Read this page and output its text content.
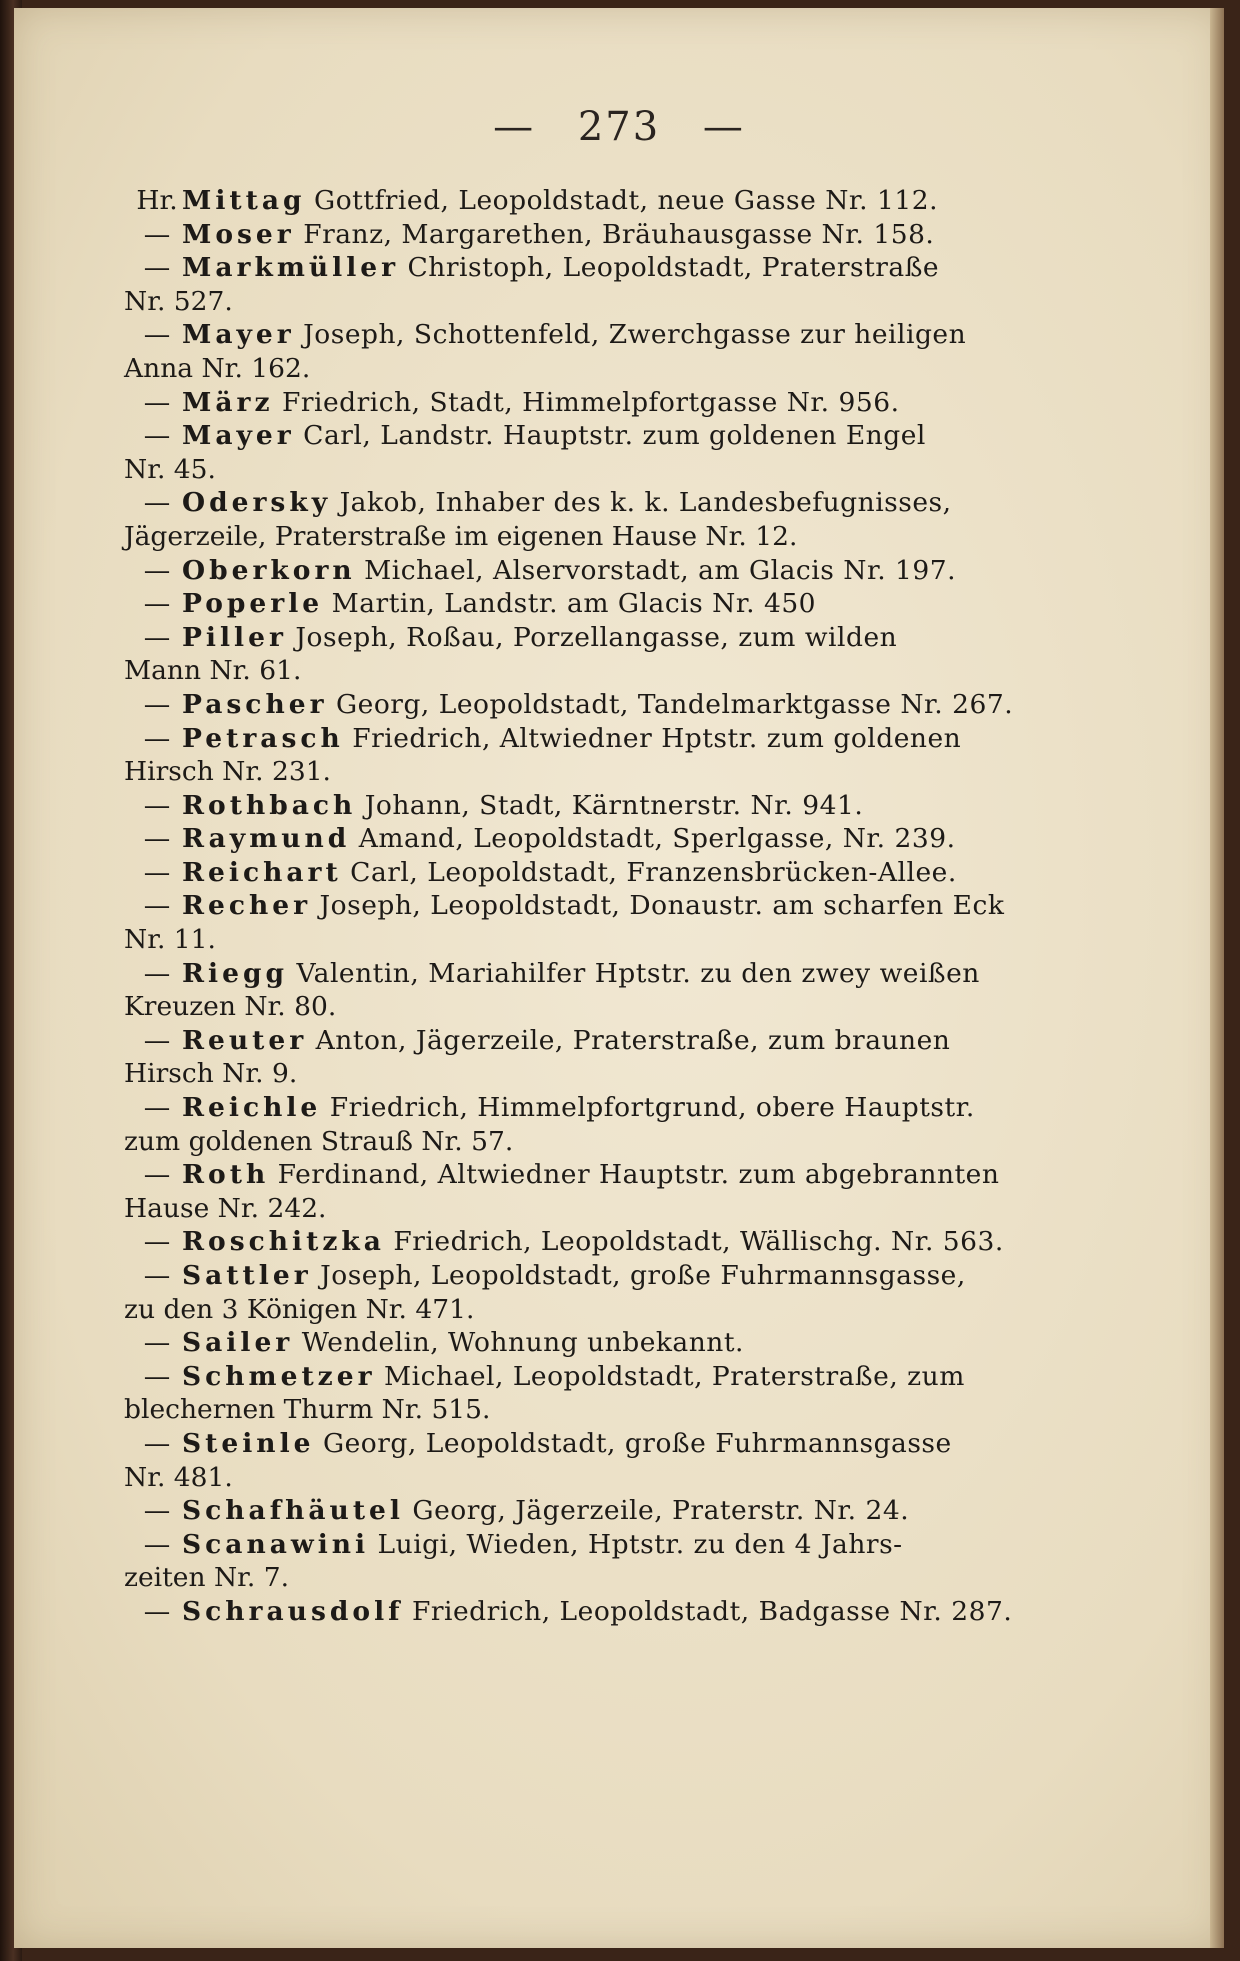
— 273 —

Hr. Mittag Gottfried, Leopoldstadt, neue Gasse Nr. 112.

— Moser Franz, Margarethen, Bräuhausgasse Nr. 158.

— Markmüller Christoph, Leopoldstadt, Praterstraße
Nr. 527.

— Mayer Joseph, Schottenfeld, Zwerchgasse zur heiligen
Anna Nr. 162.

— März Friedrich, Stadt, Himmelpfortgasse Nr. 956.

— Mayer Carl, Landstr. Hauptstr. zum goldenen Engel
Nr. 45.

— Odersky Jakob, Inhaber des k. k. Landesbefugnisses,
Jägerzeile, Praterstraße im eigenen Hause Nr. 12.

— Oberkorn Michael, Alservorstadt, am Glacis Nr. 197.

— Poperle Martin, Landstr. am Glacis Nr. 450

— Piller Joseph, Roßau, Porzellangasse, zum wilden
Mann Nr. 61.

— Pascher Georg, Leopoldstadt, Tandelmarktgasse Nr. 267.

— Petrasch Friedrich, Altwiedner Hptstr. zum goldenen
Hirsch Nr. 231.

— Rothbach Johann, Stadt, Kärntnerstr. Nr. 941.

— Raymund Amand, Leopoldstadt, Sperlgasse, Nr. 239.

— Reichart Carl, Leopoldstadt, Franzensbrücken-Allee.

— Recher Joseph, Leopoldstadt, Donaustr. am scharfen Eck
Nr. 11.

— Riegg Valentin, Mariahilfer Hptstr. zu den zwey weißen
Kreuzen Nr. 80.

— Reuter Anton, Jägerzeile, Praterstraße, zum braunen
Hirsch Nr. 9.

— Reichle Friedrich, Himmelpfortgrund, obere Hauptstr.
zum goldenen Strauß Nr. 57.

— Roth Ferdinand, Altwiedner Hauptstr. zum abgebrannten
Hause Nr. 242.

— Roschitzka Friedrich, Leopoldstadt, Wällischg. Nr. 563.

— Sattler Joseph, Leopoldstadt, große Fuhrmannsgasse,
zu den 3 Königen Nr. 471.

— Sailer Wendelin, Wohnung unbekannt.

— Schmetzer Michael, Leopoldstadt, Praterstraße, zum
blechernen Thurm Nr. 515.

— Steinle Georg, Leopoldstadt, große Fuhrmannsgasse
Nr. 481.

— Schafhäutel Georg, Jägerzeile, Praterstr. Nr. 24.

— Scanawini Luigi, Wieden, Hptstr. zu den 4 Jahrs-
zeiten Nr. 7.

— Schrausdolf Friedrich, Leopoldstadt, Badgasse Nr. 287.
